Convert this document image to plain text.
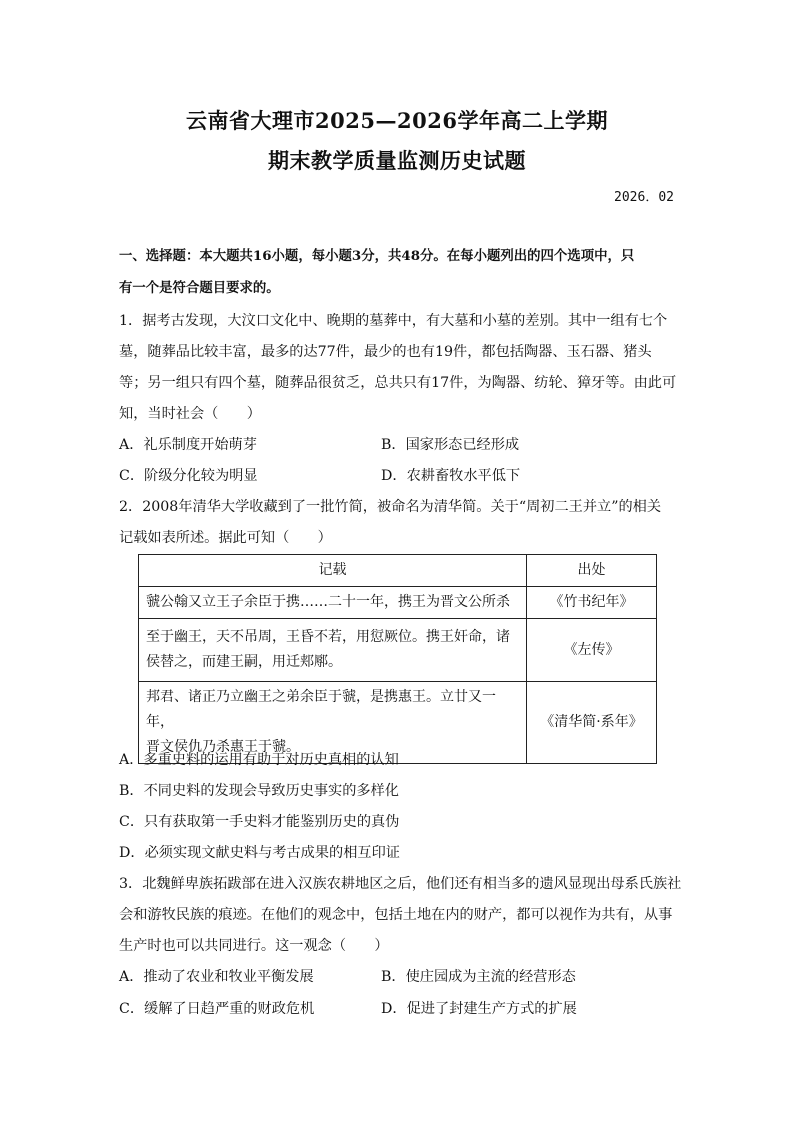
云南省大理市2025—2026学年高二上学期
期末教学质量监测历史试题
2026．02
一、选择题：本大题共16小题，每小题3分，共48分。在每小题列出的四个选项中，只
有一个是符合题目要求的。
1．据考古发现，大汶口文化中、晚期的墓葬中，有大墓和小墓的差别。其中一组有七个
墓，随葬品比较丰富，最多的达77件，最少的也有19件，都包括陶器、玉石器、猪头
等；另一组只有四个墓，随葬品很贫乏，总共只有17件，为陶器、纺轮、獐牙等。由此可
知，当时社会（　　）
A．礼乐制度开始萌芽	B．国家形态已经形成
C．阶级分化较为明显	D．农耕畜牧水平低下
2．2008年清华大学收藏到了一批竹简，被命名为清华简。关于“周初二王并立”的相关
记载如表所述。据此可知（　　）
记载	出处
虢公翰又立王子余臣于携……二十一年，携王为晋文公所杀	《竹书纪年》
至于幽王，天不吊周，王昏不若，用愆厥位。携王奸命，诸
侯替之，而建王嗣，用迁郏鄏。	《左传》
邦君、诸正乃立幽王之弟余臣于虢，是携惠王。立廿又一年，
晋文侯仇乃杀惠王于虢。	《清华简·系年》
A．多重史料的运用有助于对历史真相的认知
B．不同史料的发现会导致历史事实的多样化
C．只有获取第一手史料才能鉴别历史的真伪
D．必须实现文献史料与考古成果的相互印证
3．北魏鲜卑族拓跋部在进入汉族农耕地区之后，他们还有相当多的遗风显现出母系氏族社
会和游牧民族的痕迹。在他们的观念中，包括土地在内的财产，都可以视作为共有，从事
生产时也可以共同进行。这一观念（　　）
A．推动了农业和牧业平衡发展	B．使庄园成为主流的经营形态
C．缓解了日趋严重的财政危机	D．促进了封建生产方式的扩展
